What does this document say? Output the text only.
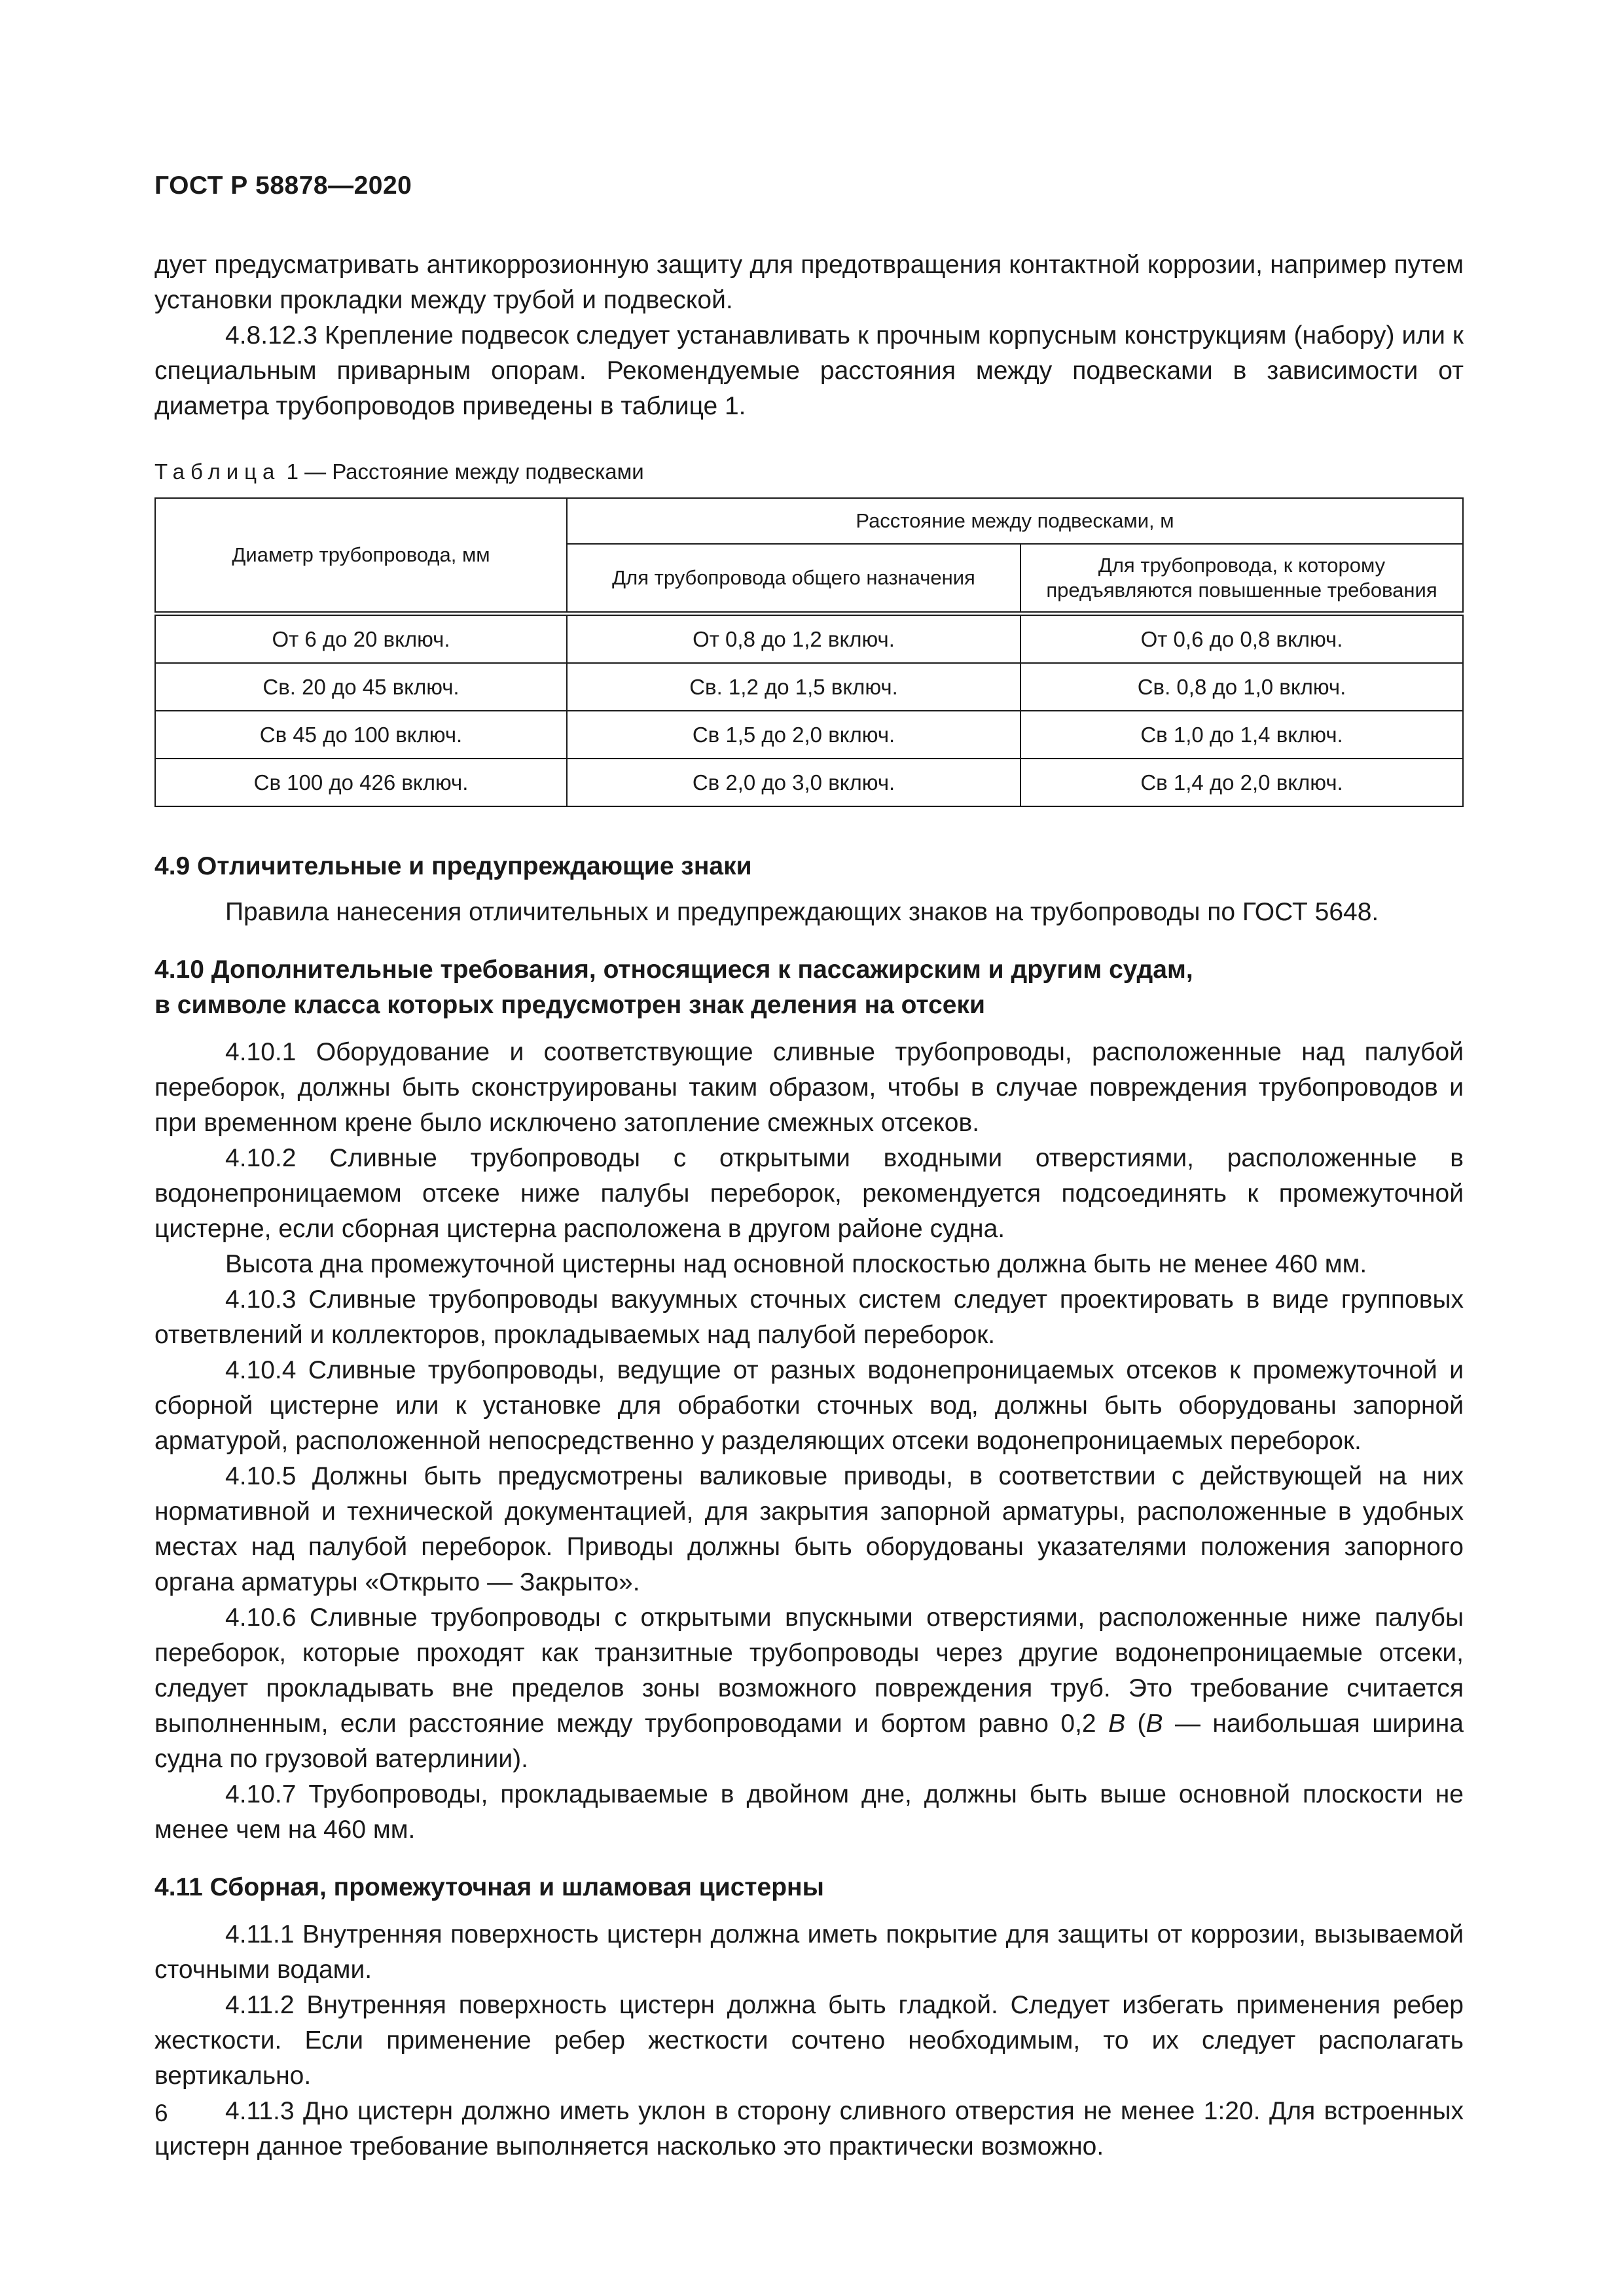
ГОСТ Р 58878—2020

дует предусматривать антикоррозионную защиту для предотвращения контактной коррозии, например путем установки прокладки между трубой и подвеской.

4.8.12.3 Крепление подвесок следует устанавливать к прочным корпусным конструкциям (набору) или к специальным приварным опорам. Рекомендуемые расстояния между подвесками в зависимости от диаметра трубопроводов приведены в таблице 1.

Таблица 1 — Расстояние между подвесками

Диаметр трубопровода, мм	Расстояние между подвесками, м	
	Для трубопровода общего назначения	Для трубопровода, к которому предъявляются повышенные требования
От 6 до 20 включ.	От 0,8 до 1,2 включ.	От 0,6 до 0,8 включ.
Св. 20 до 45 включ.	Св. 1,2 до 1,5 включ.	Св. 0,8 до 1,0 включ.
Св 45 до 100 включ.	Св 1,5 до 2,0 включ.	Св 1,0 до 1,4 включ.
Св 100 до 426 включ.	Св 2,0 до 3,0 включ.	Св 1,4 до 2,0 включ.

4.9 Отличительные и предупреждающие знаки

Правила нанесения отличительных и предупреждающих знаков на трубопроводы по ГОСТ 5648.

4.10 Дополнительные требования, относящиеся к пассажирским и другим судам,

в символе класса которых предусмотрен знак деления на отсеки

4.10.1 Оборудование и соответствующие сливные трубопроводы, расположенные над палубой переборок, должны быть сконструированы таким образом, чтобы в случае повреждения трубопроводов и при временном крене было исключено затопление смежных отсеков.

4.10.2 Сливные трубопроводы с открытыми входными отверстиями, расположенные в водонепроницаемом отсеке ниже палубы переборок, рекомендуется подсоединять к промежуточной цистерне, если сборная цистерна расположена в другом районе судна.

Высота дна промежуточной цистерны над основной плоскостью должна быть не менее 460 мм.

4.10.3 Сливные трубопроводы вакуумных сточных систем следует проектировать в виде групповых ответвлений и коллекторов, прокладываемых над палубой переборок.

4.10.4 Сливные трубопроводы, ведущие от разных водонепроницаемых отсеков к промежуточной и сборной цистерне или к установке для обработки сточных вод, должны быть оборудованы запорной арматурой, расположенной непосредственно у разделяющих отсеки водонепроницаемых переборок.

4.10.5 Должны быть предусмотрены валиковые приводы, в соответствии с действующей на них нормативной и технической документацией, для закрытия запорной арматуры, расположенные в удобных местах над палубой переборок. Приводы должны быть оборудованы указателями положения запорного органа арматуры «Открыто — Закрыто».

4.10.6 Сливные трубопроводы с открытыми впускными отверстиями, расположенные ниже палубы переборок, которые проходят как транзитные трубопроводы через другие водонепроницаемые отсеки, следует прокладывать вне пределов зоны возможного повреждения труб. Это требование считается выполненным, если расстояние между трубопроводами и бортом равно 0,2 B (B — наибольшая ширина судна по грузовой ватерлинии).

4.10.7 Трубопроводы, прокладываемые в двойном дне, должны быть выше основной плоскости не менее чем на 460 мм.

4.11 Сборная, промежуточная и шламовая цистерны

4.11.1 Внутренняя поверхность цистерн должна иметь покрытие для защиты от коррозии, вызываемой сточными водами.

4.11.2 Внутренняя поверхность цистерн должна быть гладкой. Следует избегать применения ребер жесткости. Если применение ребер жесткости сочтено необходимым, то их следует располагать вертикально.

4.11.3 Дно цистерн должно иметь уклон в сторону сливного отверстия не менее 1:20. Для встроенных цистерн данное требование выполняется насколько это практически возможно.

6
